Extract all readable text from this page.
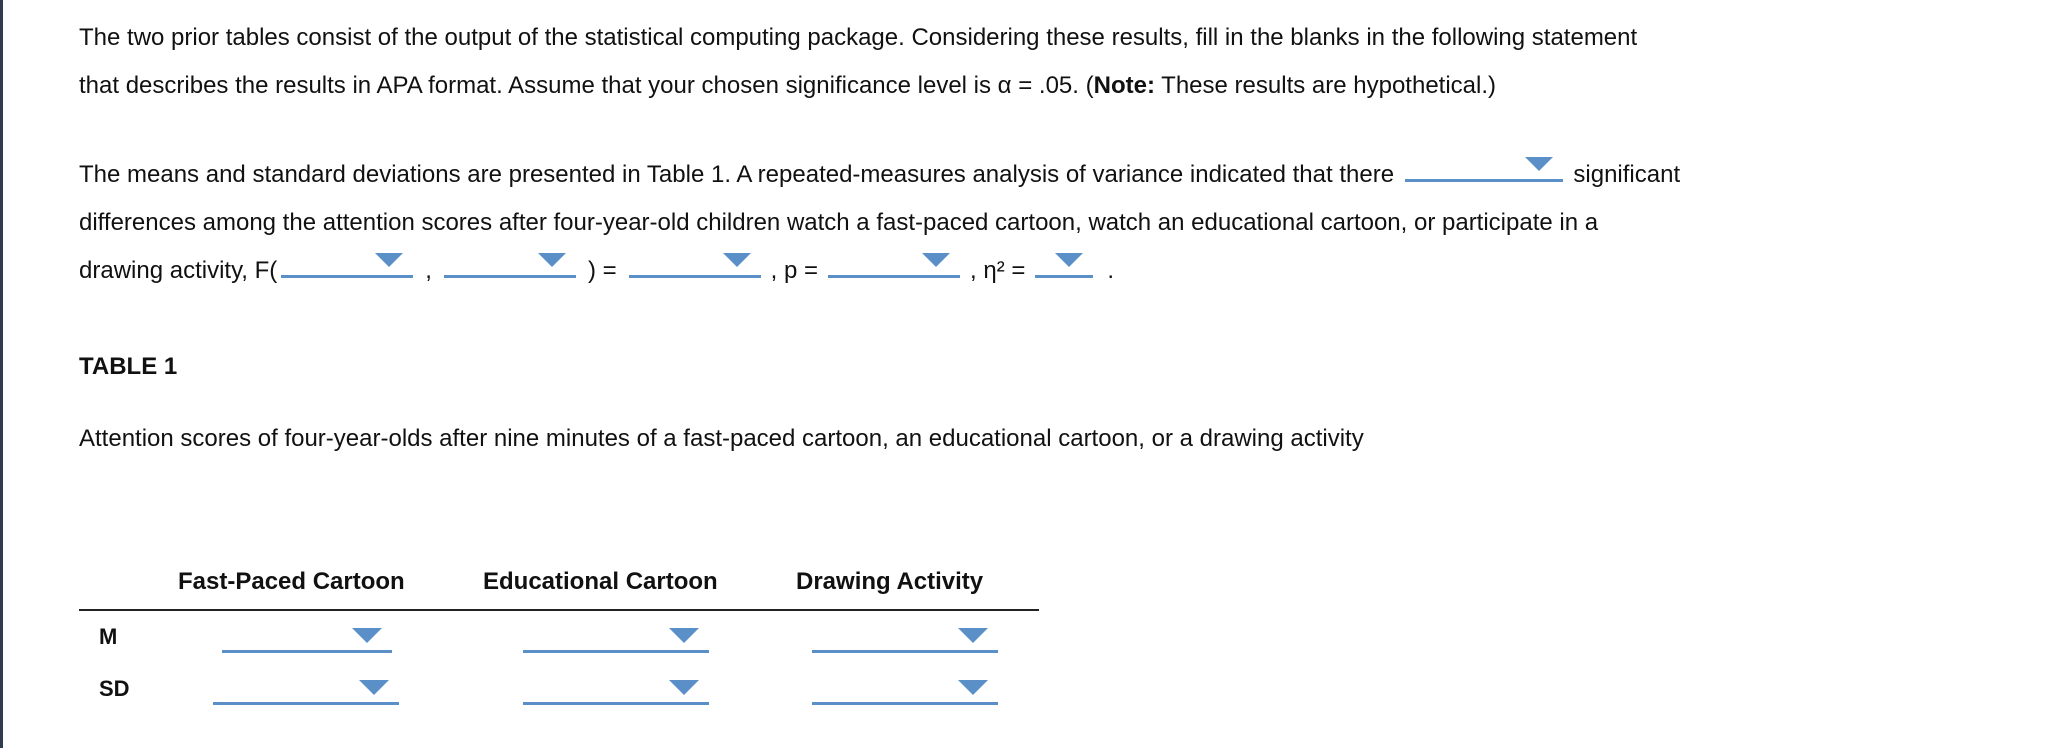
The two prior tables consist of the output of the statistical computing package. Considering these results, fill in the blanks in the following statement
that describes the results in APA format. Assume that your chosen significance level is α = .05. (Note: These results are hypothetical.)

The means and standard deviations are presented in Table 1. A repeated-measures analysis of variance indicated that there	significant
differences among the attention scores after four-year-old children watch a fast-paced cartoon, watch an educational cartoon, or participate in a
drawing activity, F(	,	) =	, p =	, η² =	.

TABLE 1

Attention scores of four-year-olds after nine minutes of a fast-paced cartoon, an educational cartoon, or a drawing activity

Fast-Paced Cartoon	Educational Cartoon	Drawing Activity
M
SD
